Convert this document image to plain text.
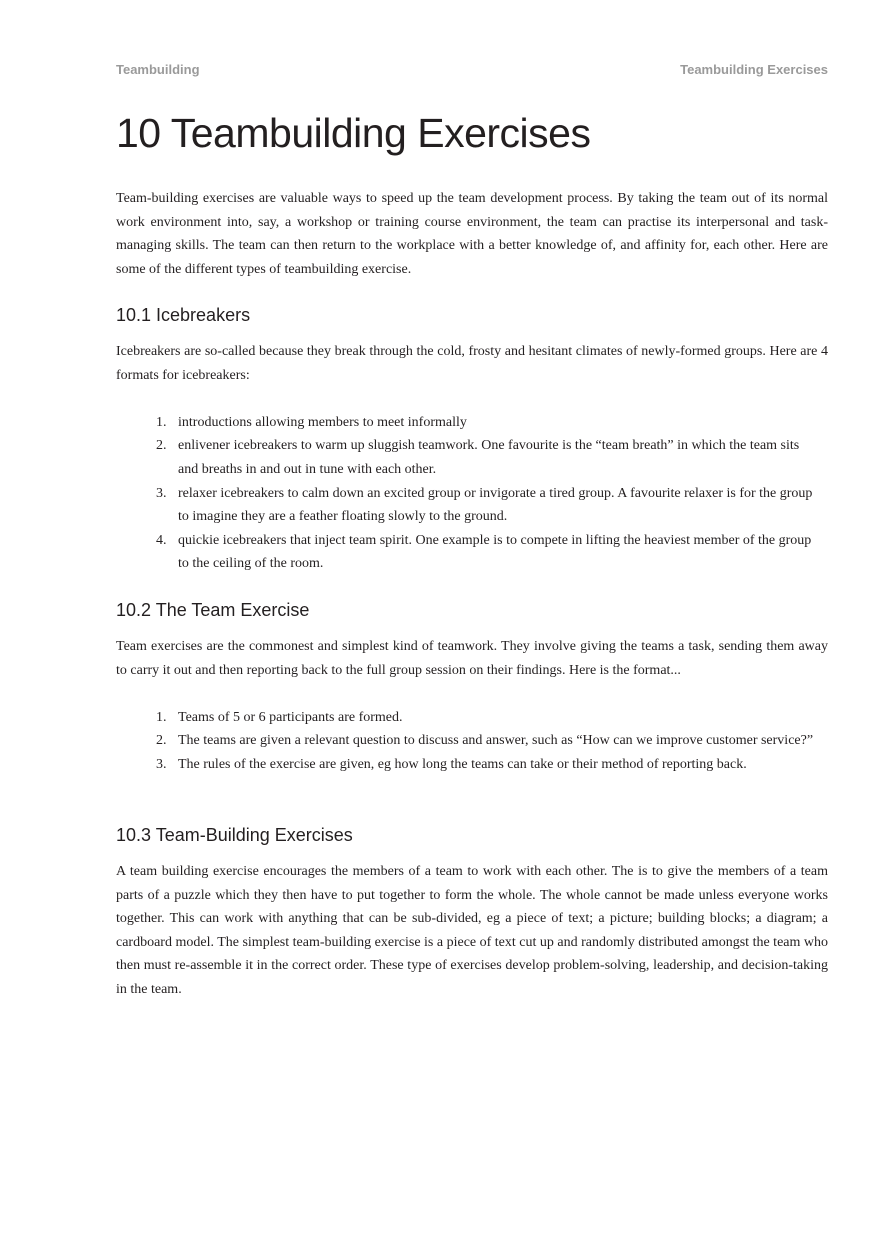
Teambuilding	Teambuilding Exercises
10 Teambuilding Exercises

Team-building exercises are valuable ways to speed up the team development process. By taking the team out of its normal work environment into, say, a workshop or training course environment, the team can practise its interpersonal and task-managing skills. The team can then return to the workplace with a better knowledge of, and affinity for, each other. Here are some of the different types of teambuilding exercise.

10.1 Icebreakers

Icebreakers are so-called because they break through the cold, frosty and hesitant climates of newly-formed groups. Here are 4 formats for icebreakers:

1. introductions allowing members to meet informally
2. enlivener icebreakers to warm up sluggish teamwork. One favourite is the “team breath” in which the team sits and breaths in and out in tune with each other.
3. relaxer icebreakers to calm down an excited group or invigorate a tired group. A favourite relaxer is for the group to imagine they are a feather floating slowly to the ground.
4. quickie icebreakers that inject team spirit. One example is to compete in lifting the heaviest member of the group to the ceiling of the room.
10.2 The Team Exercise

Team exercises are the commonest and simplest kind of teamwork. They involve giving the teams a task, sending them away to carry it out and then reporting back to the full group session on their findings. Here is the format...

1. Teams of 5 or 6 participants are formed.
2. The teams are given a relevant question to discuss and answer, such as “How can we improve customer service?”
3. The rules of the exercise are given, eg how long the teams can take or their method of reporting back.
10.3 Team-Building Exercises

A team building exercise encourages the members of a team to work with each other. The is to give the members of a team parts of a puzzle which they then have to put together to form the whole. The whole cannot be made unless everyone works together. This can work with anything that can be sub-divided, eg a piece of text; a picture; building blocks; a diagram; a cardboard model. The simplest team-building exercise is a piece of text cut up and randomly distributed amongst the team who then must re-assemble it in the correct order. These type of exercises develop problem-solving, leadership, and decision-taking in the team.
